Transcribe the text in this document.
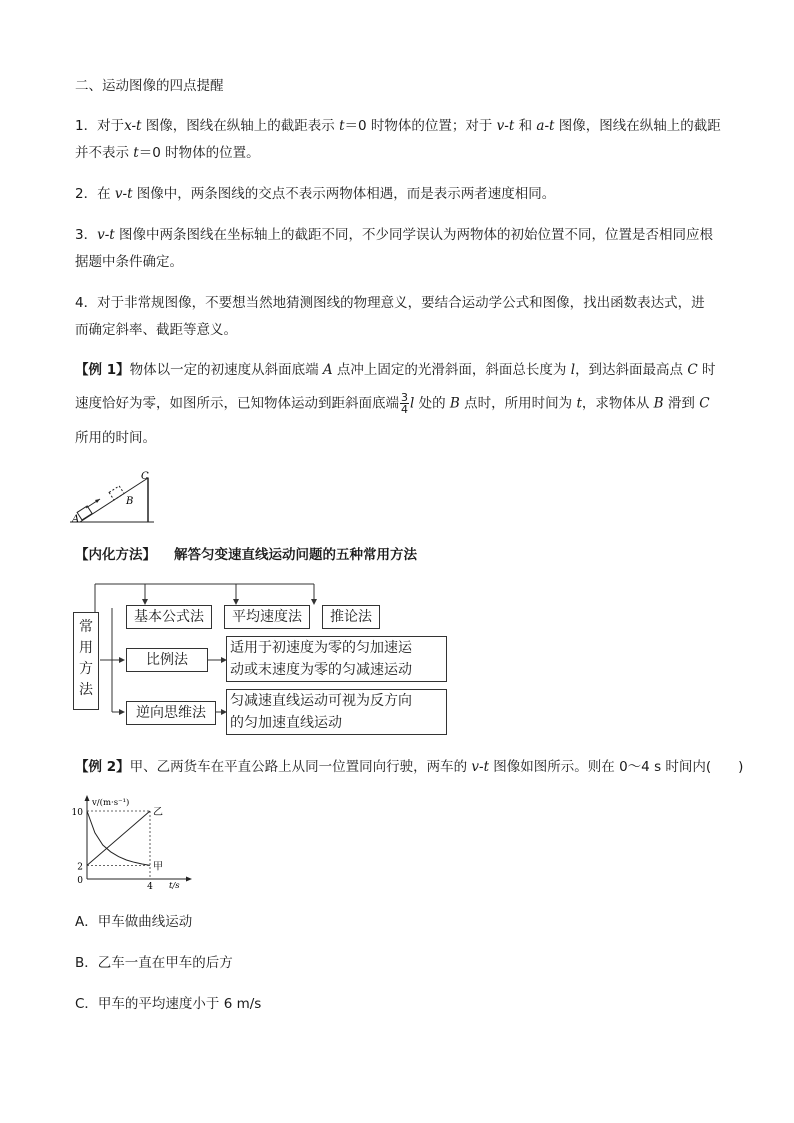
二、运动图像的四点提醒
1．对于x-t 图像，图线在纵轴上的截距表示 t＝0 时物体的位置；对于 v-t 和 a-t 图像，图线在纵轴上的截距
并不表示 t＝0 时物体的位置。
2．在 v-t 图像中，两条图线的交点不表示两物体相遇，而是表示两者速度相同。
3．v-t 图像中两条图线在坐标轴上的截距不同，不少同学误认为两物体的初始位置不同，位置是否相同应根
据题中条件确定。
4．对于非常规图像，不要想当然地猜测图线的物理意义，要结合运动学公式和图像，找出函数表达式，进
而确定斜率、截距等意义。
【例 1】物体以一定的初速度从斜面底端 A 点冲上固定的光滑斜面，斜面总长度为 l，到达斜面最高点 C 时
速度恰好为零，如图所示，已知物体运动到距斜面底端 $\frac{3}{4}$ l 处的 B 点时，所用时间为 t，求物体从 B 滑到 C
所用的时间。
A
B
C
【内化方法】 解答匀变速直线运动问题的五种常用方法
常
用
方
法
基本公式法	平均速度法	推论法
比例法
适用于初速度为零的匀加速运
动或末速度为零的匀减速运动
逆向思维法
匀减速直线运动可视为反方向
的匀加速直线运动
【例 2】甲、乙两货车在平直公路上从同一位置同向行驶，两车的 v-t 图像如图所示。则在 0～4 s 时间内(　　)
v/(m·s⁻¹)
t/s
乙
甲
10
2
0
4
A．甲车做曲线运动
B．乙车一直在甲车的后方
C．甲车的平均速度小于 6 m/s
